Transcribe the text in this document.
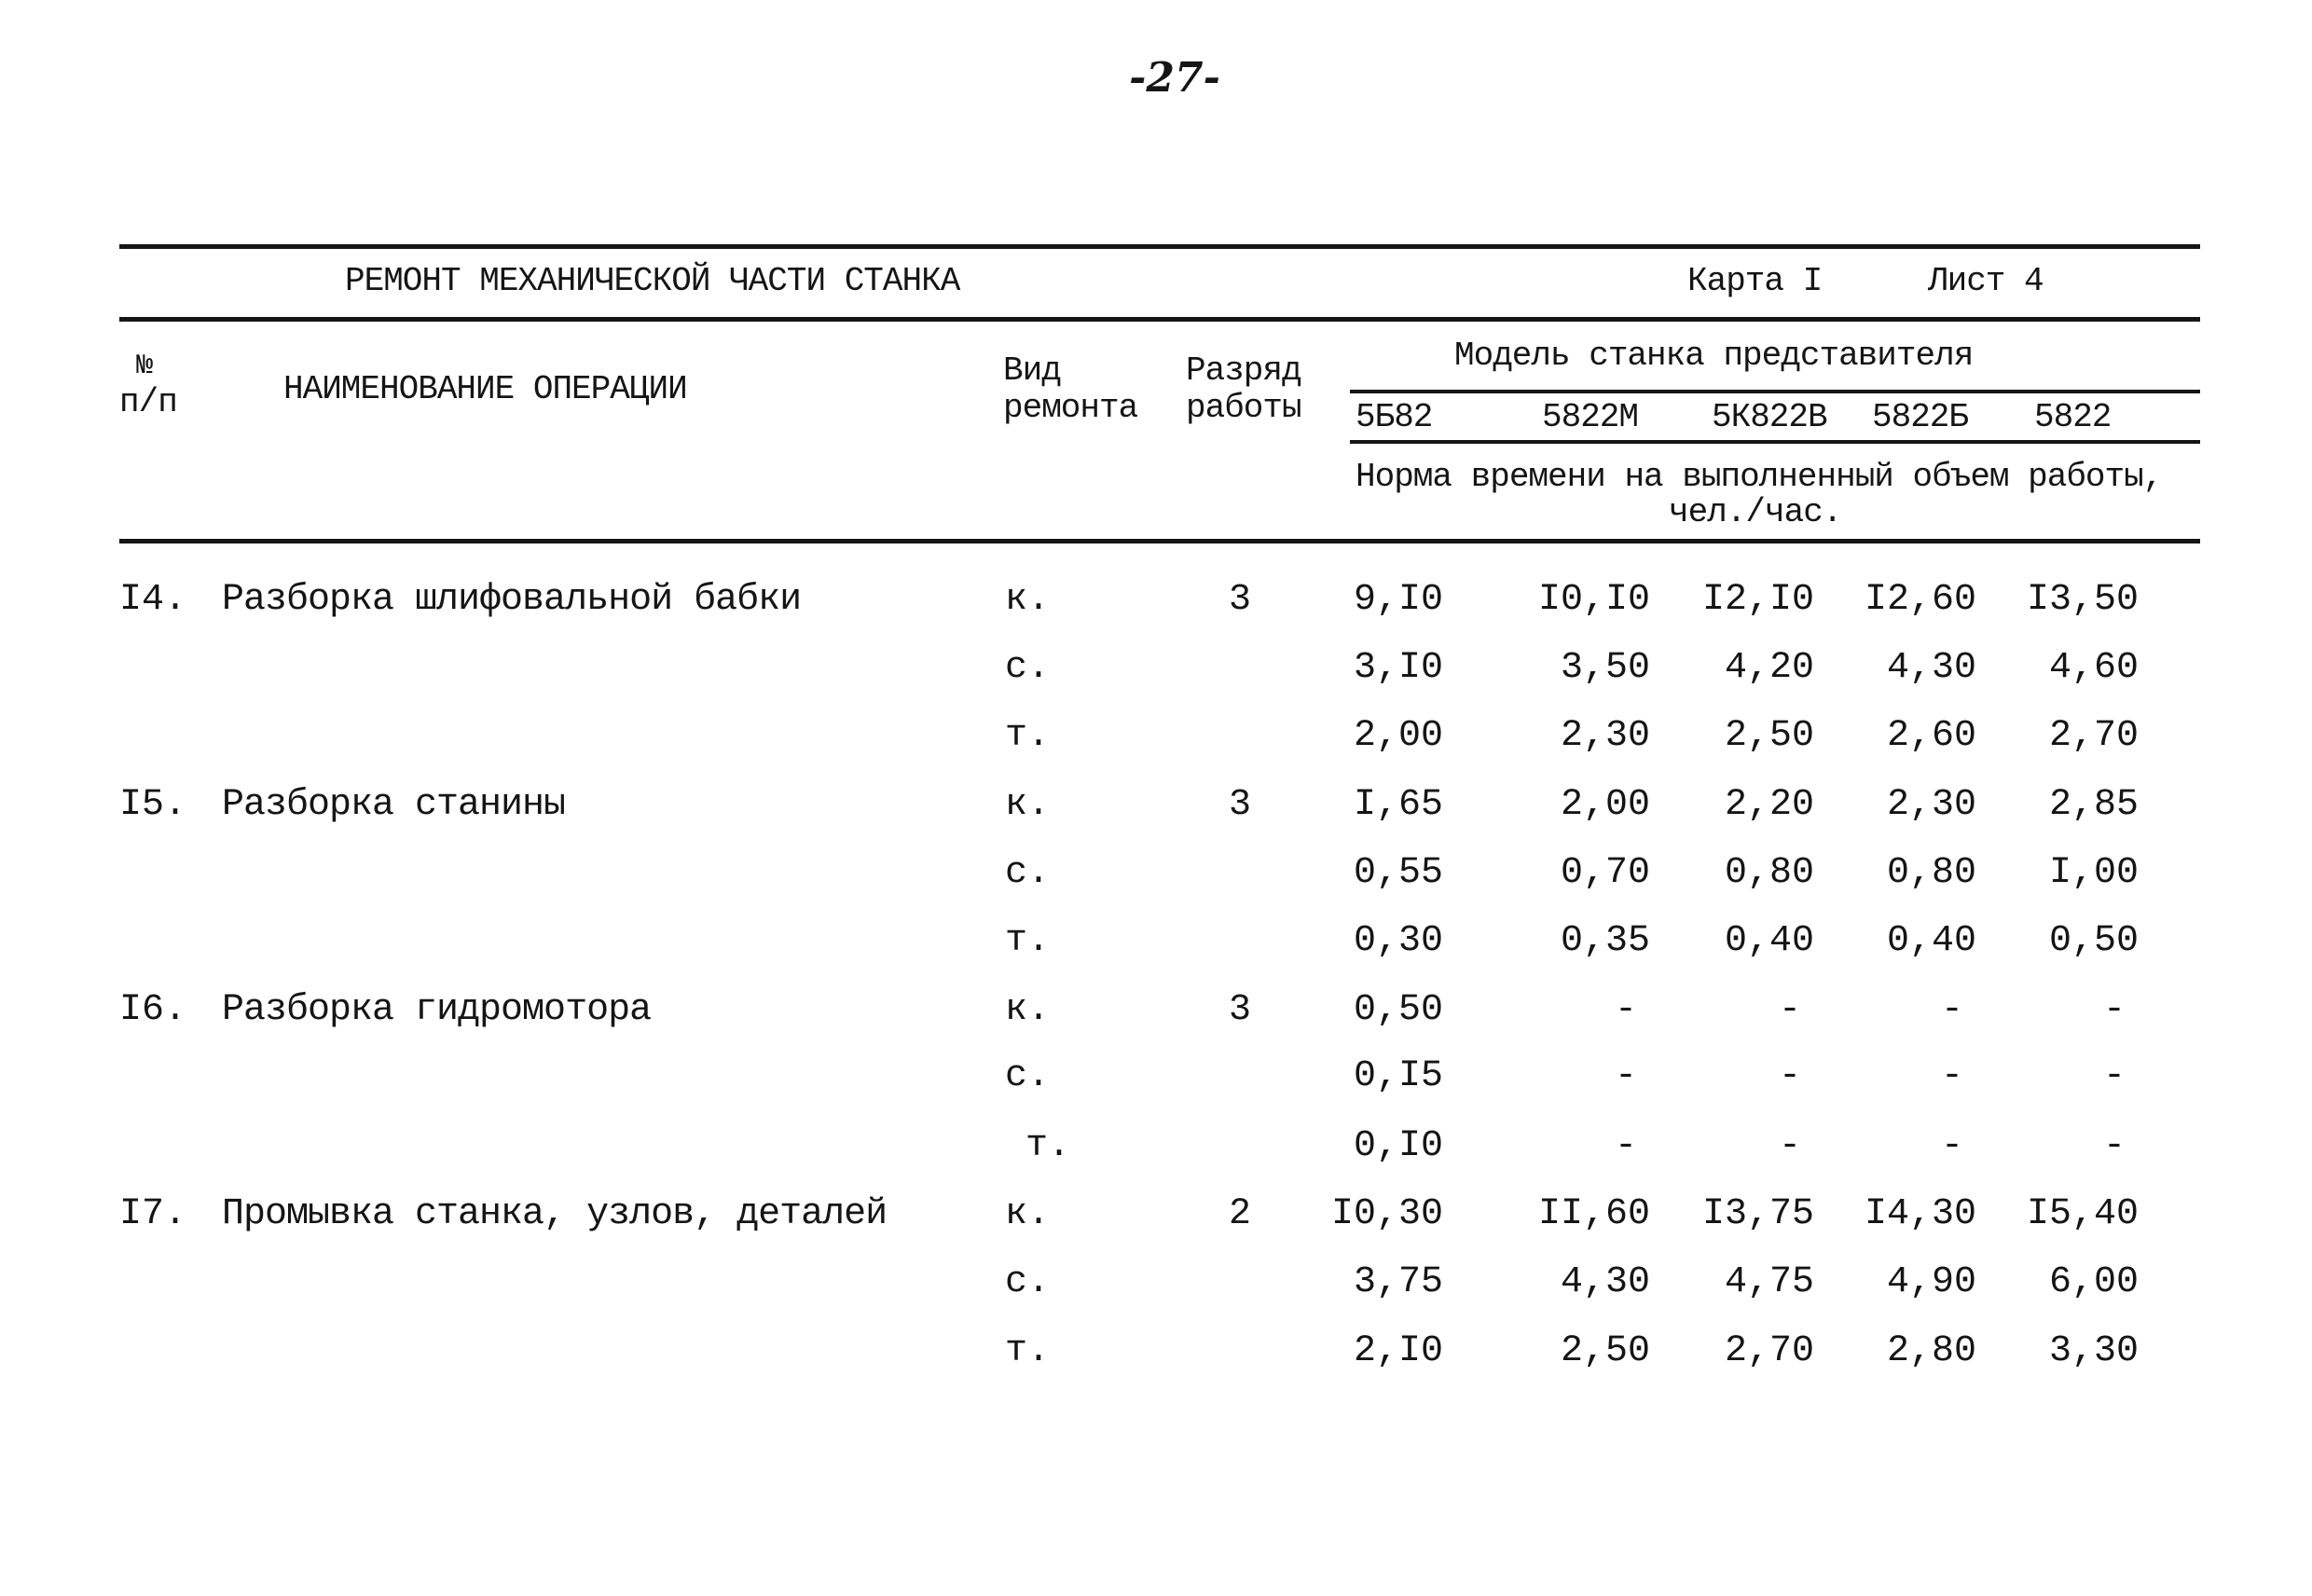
-27-
РЕМОНТ МЕХАНИЧЕСКОЙ ЧАСТИ СТАНКА	Карта I	Лист 4
№
п/п	НАИМЕНОВАНИЕ ОПЕРАЦИИ	Вид
ремонта
Разряд
работы
Модель станка представителя
5Б82	5822М 5К822В 5822Б 5822
Норма времени на выполненный объем работы,
чел./час.
I4. Разборка шлифовальной бабки	к.	3	9,I0	I0,I0	I2,I0	I2,60	I3,50
с.	3,I0	3,50	4,20	4,30	4,60
т.	2,00	2,30	2,50	2,60	2,70
I5. Разборка станины	к.	3	I,65	2,00	2,20	2,30	2,85
с.	0,55	0,70	0,80	0,80	I,00
т.	0,30	0,35	0,40	0,40	0,50
I6. Разборка гидромотора	к.	3	0,50	-	-	-	-
с.	0,I5	-	-	-	-
т.	0,I0	-	-	-	-
I7. Промывка станка, узлов, деталей	к.	2	I0,30	II,60	I3,75	I4,30	I5,40
с.	3,75	4,30	4,75	4,90	6,00
т.	2,I0	2,50	2,70	2,80	3,30
